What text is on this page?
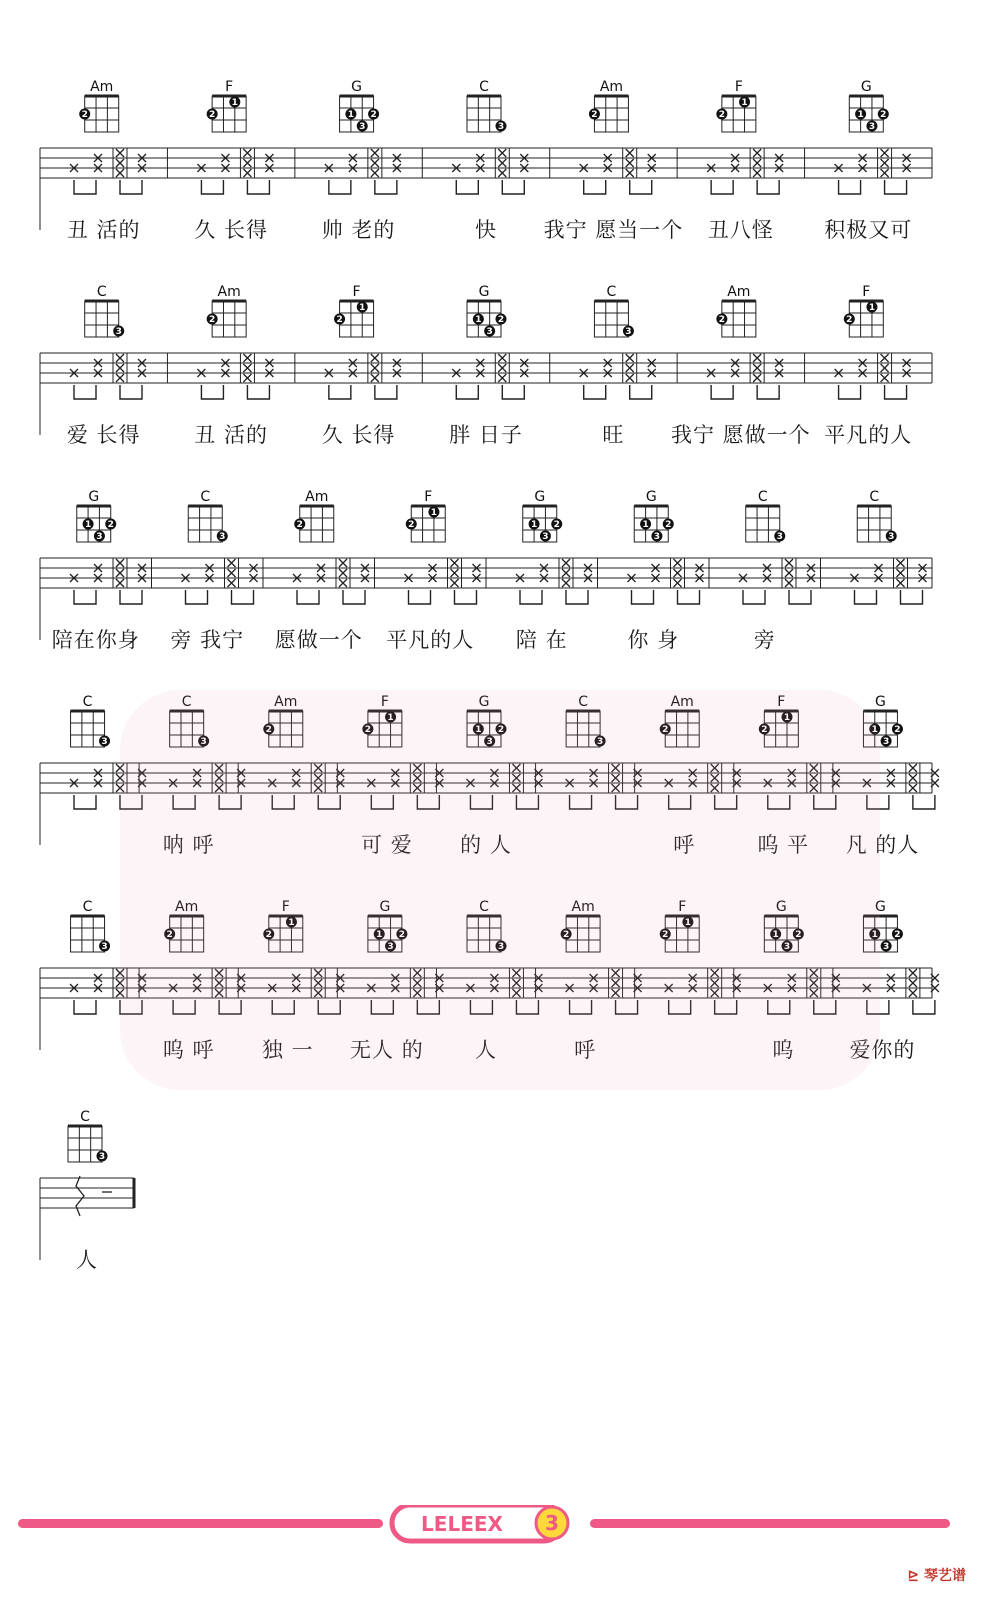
Am
2
丑 活的
F
2
1
久 长得
G
1
3
2
帅 老的
C
3
快
Am
2
我宁 愿当一个
F
2
1
丑八怪
G
1
3
2
积极又可
C
3
爱 长得
Am
2
丑 活的
F
2
1
久 长得
G
1
3
2
胖 日子
C
3
旺
Am
2
我宁 愿做一个
F
2
1
平凡的人
G
1
3
2
陪在你身
C
3
旁 我宁
Am
2
愿做一个
F
2
1
平凡的人
G
1
3
2
陪 在
G
1
3
2
你 身
C
3
旁
C
3
C
3
C
3
呐 呼
Am
2
F
2
1
可 爱
G
1
3
2
的 人
C
3
Am
2
呼
F
2
1
呜 平
G
1
3
2
凡 的人
C
3
Am
2
呜 呼
F
2
1
独 一
G
1
3
2
无人 的
C
3
人
Am
2
呼
F
2
1
G
1
3
2
呜
G
1
3
2
爱你的
C
3
人
LELEEX 3
⊵ 琴艺谱
